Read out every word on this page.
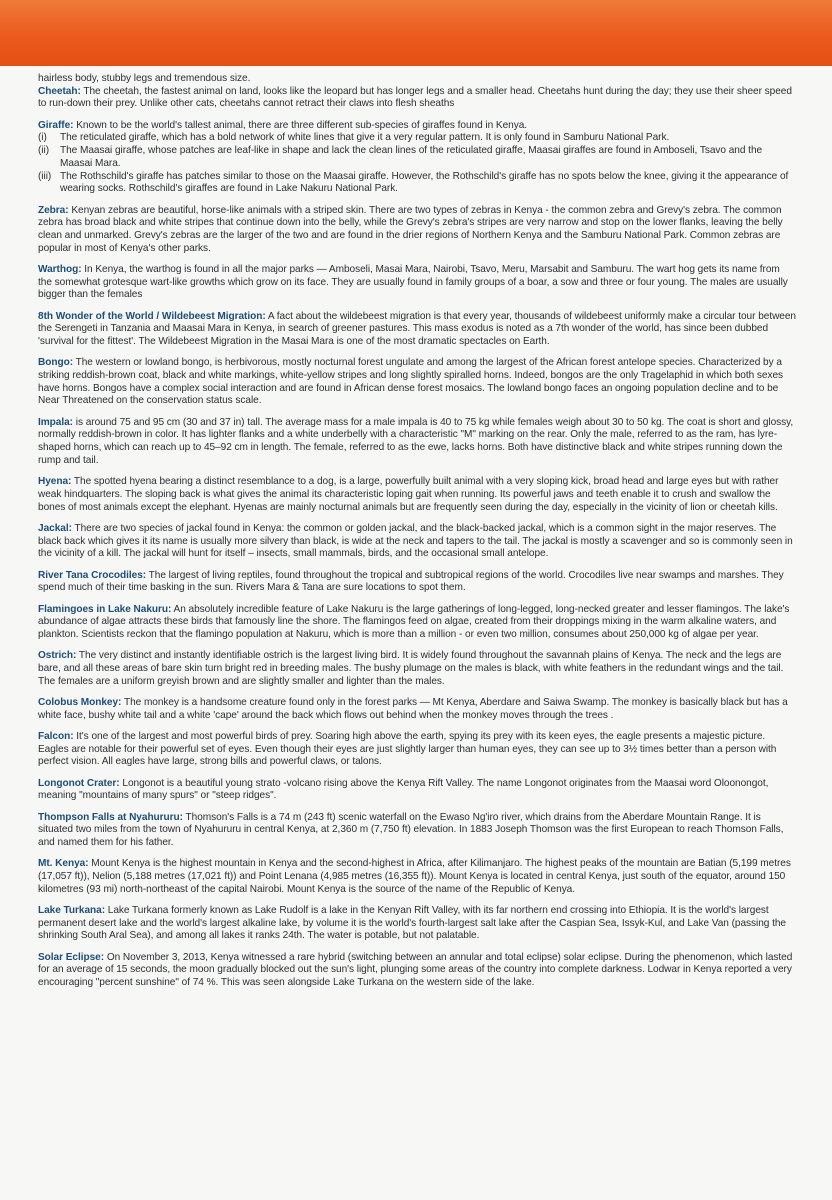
hairless body, stubby legs and tremendous size.

Cheetah: The cheetah, the fastest animal on land, looks like the leopard but has longer legs and a smaller head. Cheetahs hunt during the day; they use their sheer speed to run-down their prey. Unlike other cats, cheetahs cannot retract their claws into flesh sheaths

Giraffe: Known to be the world's tallest animal, there are three different sub-species of giraffes found in Kenya.
(i) The reticulated giraffe, which has a bold network of white lines that give it a very regular pattern. It is only found in Samburu National Park.
(ii) The Maasai giraffe, whose patches are leaf-like in shape and lack the clean lines of the reticulated giraffe, Maasai giraffes are found in Amboseli, Tsavo and the Maasai Mara.
(iii) The Rothschild's giraffe has patches similar to those on the Maasai giraffe. However, the Rothschild's giraffe has no spots below the knee, giving it the appearance of wearing socks. Rothschild's giraffes are found in Lake Nakuru National Park.

Zebra: Kenyan zebras are beautiful, horse-like animals with a striped skin. There are two types of zebras in Kenya - the common zebra and Grevy's zebra. The common zebra has broad black and white stripes that continue down into the belly, while the Grevy's zebra's stripes are very narrow and stop on the lower flanks, leaving the belly clean and unmarked. Grevy's zebras are the larger of the two and are found in the drier regions of Northern Kenya and the Samburu National Park. Common zebras are popular in most of Kenya's other parks.

Warthog: In Kenya, the warthog is found in all the major parks — Amboseli, Masai Mara, Nairobi, Tsavo, Meru, Marsabit and Samburu. The wart hog gets its name from the somewhat grotesque wart-like growths which grow on its face. They are usually found in family groups of a boar, a sow and three or four young. The males are usually bigger than the females

8th Wonder of the World / Wildebeest Migration: A fact about the wildebeest migration is that every year, thousands of wildebeest uniformly make a circular tour between the Serengeti in Tanzania and Maasai Mara in Kenya, in search of greener pastures. This mass exodus is noted as a 7th wonder of the world, has since been dubbed 'survival for the fittest'. The Wildebeest Migration in the Masai Mara is one of the most dramatic spectacles on Earth.

Bongo: The western or lowland bongo, is herbivorous, mostly nocturnal forest ungulate and among the largest of the African forest antelope species. Characterized by a striking reddish-brown coat, black and white markings, white-yellow stripes and long slightly spiralled horns. Indeed, bongos are the only Tragelaphid in which both sexes have horns. Bongos have a complex social interaction and are found in African dense forest mosaics. The lowland bongo faces an ongoing population decline and to be Near Threatened on the conservation status scale.

Impala: is around 75 and 95 cm (30 and 37 in) tall. The average mass for a male impala is 40 to 75 kg while females weigh about 30 to 50 kg. The coat is short and glossy, normally reddish-brown in color. It has lighter flanks and a white underbelly with a characteristic "M" marking on the rear. Only the male, referred to as the ram, has lyre-shaped horns, which can reach up to 45–92 cm in length. The female, referred to as the ewe, lacks horns. Both have distinctive black and white stripes running down the rump and tail.

Hyena: The spotted hyena bearing a distinct resemblance to a dog, is a large, powerfully built animal with a very sloping kick, broad head and large eyes but with rather weak hindquarters. The sloping back is what gives the animal its characteristic loping gait when running. Its powerful jaws and teeth enable it to crush and swallow the bones of most animals except the elephant. Hyenas are mainly nocturnal animals but are frequently seen during the day, especially in the vicinity of lion or cheetah kills.

Jackal: There are two species of jackal found in Kenya: the common or golden jackal, and the black-backed jackal, which is a common sight in the major reserves. The black back which gives it its name is usually more silvery than black, is wide at the neck and tapers to the tail. The jackal is mostly a scavenger and so is commonly seen in the vicinity of a kill. The jackal will hunt for itself – insects, small mammals, birds, and the occasional small antelope.

River Tana Crocodiles: The largest of living reptiles, found throughout the tropical and subtropical regions of the world. Crocodiles live near swamps and marshes. They spend much of their time basking in the sun. Rivers Mara & Tana are sure locations to spot them.

Flamingoes in Lake Nakuru: An absolutely incredible feature of Lake Nakuru is the large gatherings of long-legged, long-necked greater and lesser flamingos. The lake's abundance of algae attracts these birds that famously line the shore. The flamingos feed on algae, created from their droppings mixing in the warm alkaline waters, and plankton. Scientists reckon that the flamingo population at Nakuru, which is more than a million - or even two million, consumes about 250,000 kg of algae per year.

Ostrich: The very distinct and instantly identifiable ostrich is the largest living bird. It is widely found throughout the savannah plains of Kenya. The neck and the legs are bare, and all these areas of bare skin turn bright red in breeding males. The bushy plumage on the males is black, with white feathers in the redundant wings and the tail. The females are a uniform greyish brown and are slightly smaller and lighter than the males.

Colobus Monkey: The monkey is a handsome creature found only in the forest parks — Mt Kenya, Aberdare and Saiwa Swamp. The monkey is basically black but has a white face, bushy white tail and a white 'cape' around the back which flows out behind when the monkey moves through the trees .

Falcon: It's one of the largest and most powerful birds of prey. Soaring high above the earth, spying its prey with its keen eyes, the eagle presents a majestic picture. Eagles are notable for their powerful set of eyes. Even though their eyes are just slightly larger than human eyes, they can see up to 3½ times better than a person with perfect vision. All eagles have large, strong bills and powerful claws, or talons.

Longonot Crater: Longonot is a beautiful young strato -volcano rising above the Kenya Rift Valley. The name Longonot originates from the Maasai word Oloonongot, meaning "mountains of many spurs" or "steep ridges".

Thompson Falls at Nyahururu: Thomson's Falls is a 74 m (243 ft) scenic waterfall on the Ewaso Ng'iro river, which drains from the Aberdare Mountain Range. It is situated two miles from the town of Nyahururu in central Kenya, at 2,360 m (7,750 ft) elevation. In 1883 Joseph Thomson was the first European to reach Thomson Falls, and named them for his father.

Mt. Kenya: Mount Kenya is the highest mountain in Kenya and the second-highest in Africa, after Kilimanjaro. The highest peaks of the mountain are Batian (5,199 metres (17,057 ft)), Nelion (5,188 metres (17,021 ft)) and Point Lenana (4,985 metres (16,355 ft)). Mount Kenya is located in central Kenya, just south of the equator, around 150 kilometres (93 mi) north-northeast of the capital Nairobi. Mount Kenya is the source of the name of the Republic of Kenya.

Lake Turkana: Lake Turkana formerly known as Lake Rudolf is a lake in the Kenyan Rift Valley, with its far northern end crossing into Ethiopia. It is the world's largest permanent desert lake and the world's largest alkaline lake, by volume it is the world's fourth-largest salt lake after the Caspian Sea, Issyk-Kul, and Lake Van (passing the shrinking South Aral Sea), and among all lakes it ranks 24th. The water is potable, but not palatable.

Solar Eclipse: On November 3, 2013, Kenya witnessed a rare hybrid (switching between an annular and total eclipse) solar eclipse. During the phenomenon, which lasted for an average of 15 seconds, the moon gradually blocked out the sun's light, plunging some areas of the country into complete darkness. Lodwar in Kenya reported a very encouraging "percent sunshine" of 74 %. This was seen alongside Lake Turkana on the western side of the lake.
